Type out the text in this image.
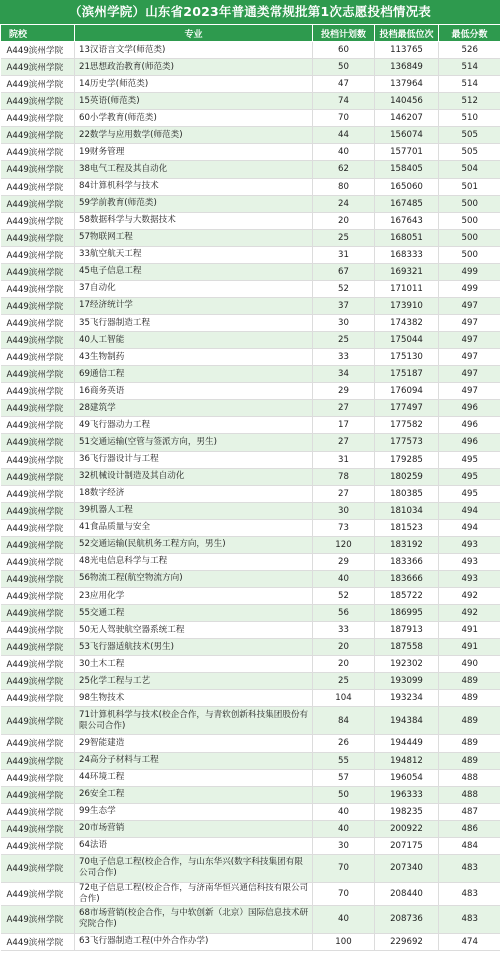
（滨州学院）山东省2023年普通类常规批第1次志愿投档情况表
院校	专业	投档计划数	投档最低位次	最低分数
A449滨州学院	13汉语言文学(师范类)	60	113765	526
A449滨州学院	21思想政治教育(师范类)	50	136849	514
A449滨州学院	14历史学(师范类)	47	137964	514
A449滨州学院	15英语(师范类)	74	140456	512
A449滨州学院	60小学教育(师范类)	70	146207	510
A449滨州学院	22数学与应用数学(师范类)	44	156074	505
A449滨州学院	19财务管理	40	157701	505
A449滨州学院	38电气工程及其自动化	62	158405	504
A449滨州学院	84计算机科学与技术	80	165060	501
A449滨州学院	59学前教育(师范类)	24	167485	500
A449滨州学院	58数据科学与大数据技术	20	167643	500
A449滨州学院	57物联网工程	25	168051	500
A449滨州学院	33航空航天工程	31	168333	500
A449滨州学院	45电子信息工程	67	169321	499
A449滨州学院	37自动化	52	171011	499
A449滨州学院	17经济统计学	37	173910	497
A449滨州学院	35飞行器制造工程	30	174382	497
A449滨州学院	40人工智能	25	175044	497
A449滨州学院	43生物制药	33	175130	497
A449滨州学院	69通信工程	34	175187	497
A449滨州学院	16商务英语	29	176094	497
A449滨州学院	28建筑学	27	177497	496
A449滨州学院	49飞行器动力工程	17	177582	496
A449滨州学院	51交通运输(空管与签派方向，男生)	27	177573	496
A449滨州学院	36飞行器设计与工程	31	179285	495
A449滨州学院	32机械设计制造及其自动化	78	180259	495
A449滨州学院	18数字经济	27	180385	495
A449滨州学院	39机器人工程	30	181034	494
A449滨州学院	41食品质量与安全	73	181523	494
A449滨州学院	52交通运输(民航机务工程方向，男生)	120	183192	493
A449滨州学院	48光电信息科学与工程	29	183366	493
A449滨州学院	56物流工程(航空物流方向)	40	183666	493
A449滨州学院	23应用化学	52	185722	492
A449滨州学院	55交通工程	56	186995	492
A449滨州学院	50无人驾驶航空器系统工程	33	187913	491
A449滨州学院	53飞行器适航技术(男生)	20	187558	491
A449滨州学院	30土木工程	20	192302	490
A449滨州学院	25化学工程与工艺	25	193099	489
A449滨州学院	98生物技术	104	193234	489
A449滨州学院	71计算机科学与技术(校企合作，与青软创新科技集团股份有限公司合作)	84	194384	489
A449滨州学院	29智能建造	26	194449	489
A449滨州学院	24高分子材料与工程	55	194812	489
A449滨州学院	44环境工程	57	196054	488
A449滨州学院	26安全工程	50	196333	488
A449滨州学院	99生态学	40	198235	487
A449滨州学院	20市场营销	40	200922	486
A449滨州学院	64法语	30	207175	484
A449滨州学院	70电子信息工程(校企合作，与山东华兴(数字科技集团有限公司合作)	70	207340	483
A449滨州学院	72电子信息工程(校企合作，与济南华恒兴通信科技有限公司合作)	70	208440	483
A449滨州学院	68市场营销(校企合作，与中软创新（北京）国际信息技术研究院合作)	40	208736	483
A449滨州学院	63飞行器制造工程(中外合作办学)	100	229692	474
